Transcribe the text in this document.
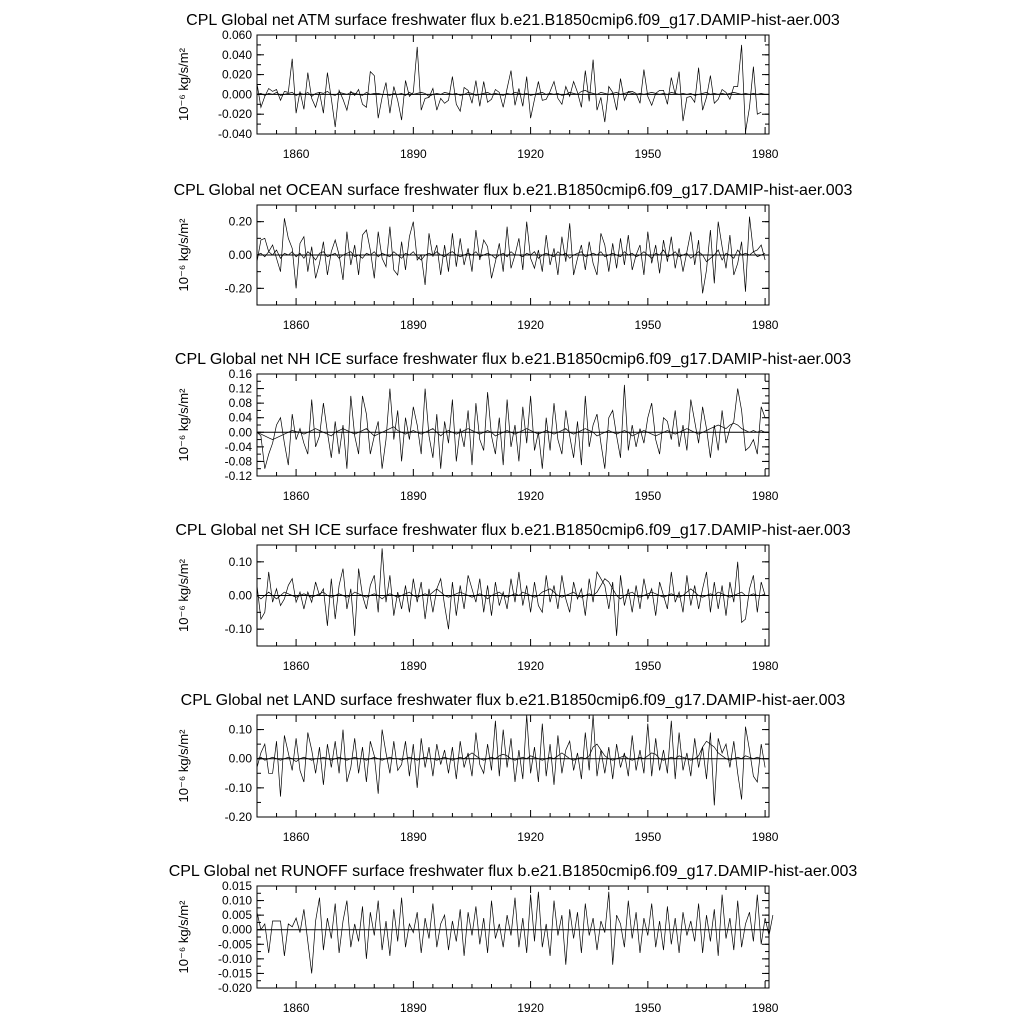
CPL Global net ATM surface freshwater flux b.e21.B1850cmip6.f09_g17.DAMIP-hist-aer.003
1860	1890	1920	1950	1980
-0.040
-0.020
0.000
0.020
0.040
0.060
10⁻⁶ kg/s/m²
CPL Global net OCEAN surface freshwater flux b.e21.B1850cmip6.f09_g17.DAMIP-hist-aer.003
1860	1890	1920	1950	1980
-0.20
0.00
0.20
10⁻⁶ kg/s/m²
CPL Global net NH ICE surface freshwater flux b.e21.B1850cmip6.f09_g17.DAMIP-hist-aer.003
1860	1890	1920	1950	1980
-0.12
-0.08
-0.04
0.00
0.04
0.08
0.12
0.16
10⁻⁶ kg/s/m²
CPL Global net SH ICE surface freshwater flux b.e21.B1850cmip6.f09_g17.DAMIP-hist-aer.003
1860	1890	1920	1950	1980
-0.10
0.00
0.10
10⁻⁶ kg/s/m²
CPL Global net LAND surface freshwater flux b.e21.B1850cmip6.f09_g17.DAMIP-hist-aer.003
1860	1890	1920	1950	1980
-0.20
-0.10
0.00
0.10
10⁻⁶ kg/s/m²
CPL Global net RUNOFF surface freshwater flux b.e21.B1850cmip6.f09_g17.DAMIP-hist-aer.003
1860	1890	1920	1950	1980
-0.020
-0.015
-0.010
-0.005
0.000
0.005
0.010
0.015
10⁻⁶ kg/s/m²
